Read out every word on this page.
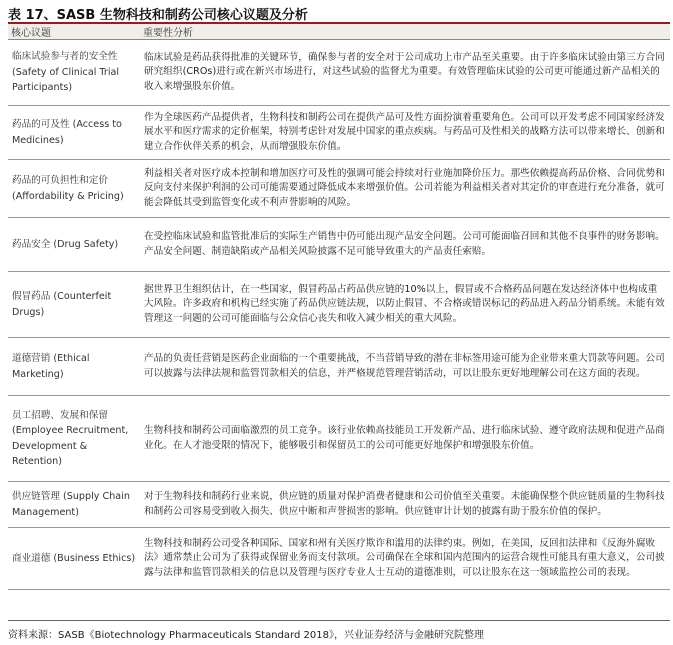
表 17、SASB 生物科技和制药公司核心议题及分析
核心议题	重要性分析
临床试验参与者的安全性 (Safety of Clinical Trial Participants)	临床试验是药品获得批准的关键环节，确保参与者的安全对于公司成功上市产品至关重要。由于许多临床试验由第三方合同研究组织(CROs)进行或在新兴市场进行，对这些试验的监督尤为重要。有效管理临床试验的公司更可能通过新产品相关的收入来增强股东价值。
药品的可及性 (Access to Medicines)	作为全球医药产品提供者，生物科技和制药公司在提供产品可及性方面扮演着重要角色。公司可以开发考虑不同国家经济发展水平和医疗需求的定价框架，特别考虑针对发展中国家的重点疾病。与药品可及性相关的战略方法可以带来增长、创新和建立合作伙伴关系的机会，从而增强股东价值。
药品的可负担性和定价 (Affordability & Pricing)	利益相关者对医疗成本控制和增加医疗可及性的强调可能会持续对行业施加降价压力。那些依赖提高药品价格、合同优势和反向支付来保护利润的公司可能需要通过降低成本来增强价值。公司若能为利益相关者对其定价的审查进行充分准备，就可能会降低其受到监管变化或不利声誉影响的风险。
药品安全 (Drug Safety)	在受控临床试验和监管批准后的实际生产销售中仍可能出现产品安全问题。公司可能面临召回和其他不良事件的财务影响。产品安全问题、制造缺陷或产品相关风险披露不足可能导致重大的产品责任索赔。
假冒药品 (Counterfeit Drugs)	据世界卫生组织估计，在一些国家，假冒药品占药品供应链的10%以上，假冒或不合格药品问题在发达经济体中也构成重大风险。许多政府和机构已经实施了药品供应链法规，以防止假冒、不合格或错误标记的药品进入药品分销系统。未能有效管理这一问题的公司可能面临与公众信心丧失和收入减少相关的重大风险。
道德营销 (Ethical Marketing)	产品的负责任营销是医药企业面临的一个重要挑战，不当营销导致的潜在非标签用途可能为企业带来重大罚款等问题。公司可以披露与法律法规和监管罚款相关的信息，并严格规范管理营销活动，可以让股东更好地理解公司在这方面的表现。
员工招聘、发展和保留 (Employee Recruitment, Development & Retention)	生物科技和制药公司面临激烈的员工竞争。该行业依赖高技能员工开发新产品、进行临床试验、遵守政府法规和促进产品商业化。在人才池受限的情况下，能够吸引和保留员工的公司可能更好地保护和增强股东价值。
供应链管理 (Supply Chain Management)	对于生物科技和制药行业来说，供应链的质量对保护消费者健康和公司价值至关重要。未能确保整个供应链质量的生物科技和制药公司容易受到收入损失、供应中断和声誉损害的影响。供应链审计计划的披露有助于股东价值的保护。
商业道德 (Business Ethics)	生物科技和制药公司受各种国际、国家和州有关医疗欺诈和滥用的法律约束。例如，在美国，反回扣法律和《反海外腐败法》通常禁止公司为了获得或保留业务而支付款项。公司确保在全球和国内范围内的运营合规性可能具有重大意义，公司披露与法律和监管罚款相关的信息以及管理与医疗专业人士互动的道德准则，可以让股东在这一领域监控公司的表现。
资料来源：SASB《Biotechnology Pharmaceuticals Standard 2018》，兴业证券经济与金融研究院整理
